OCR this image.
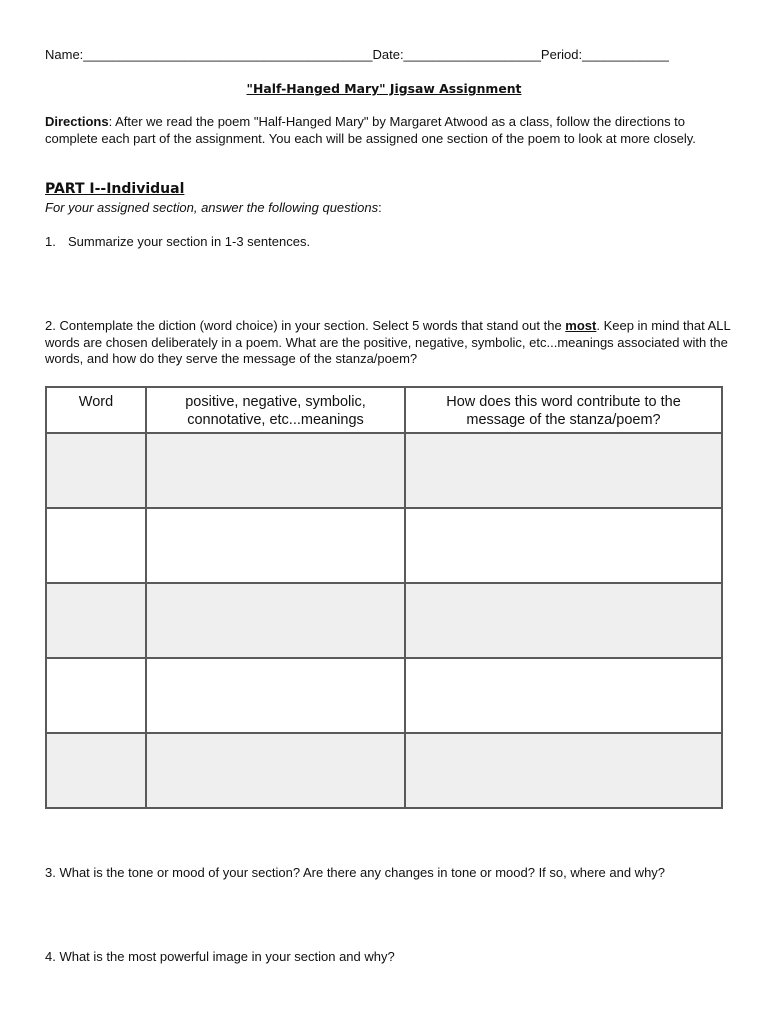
Name:________________________________________Date:___________________Period:____________
"Half-Hanged Mary" Jigsaw Assignment
Directions: After we read the poem "Half-Hanged Mary" by Margaret Atwood as a class, follow the directions to complete each part of the assignment. You each will be assigned one section of the poem to look at more closely.
PART I--Individual
For your assigned section, answer the following questions:
1. Summarize your section in 1-3 sentences.
2. Contemplate the diction (word choice) in your section. Select 5 words that stand out the most. Keep in mind that ALL words are chosen deliberately in a poem. What are the positive, negative, symbolic, etc...meanings associated with the words, and how do they serve the message of the stanza/poem?
Word	positive, negative, symbolic, connotative, etc...meanings	How does this word contribute to the message of the stanza/poem?

3. What is the tone or mood of your section? Are there any changes in tone or mood? If so, where and why?
4. What is the most powerful image in your section and why?
